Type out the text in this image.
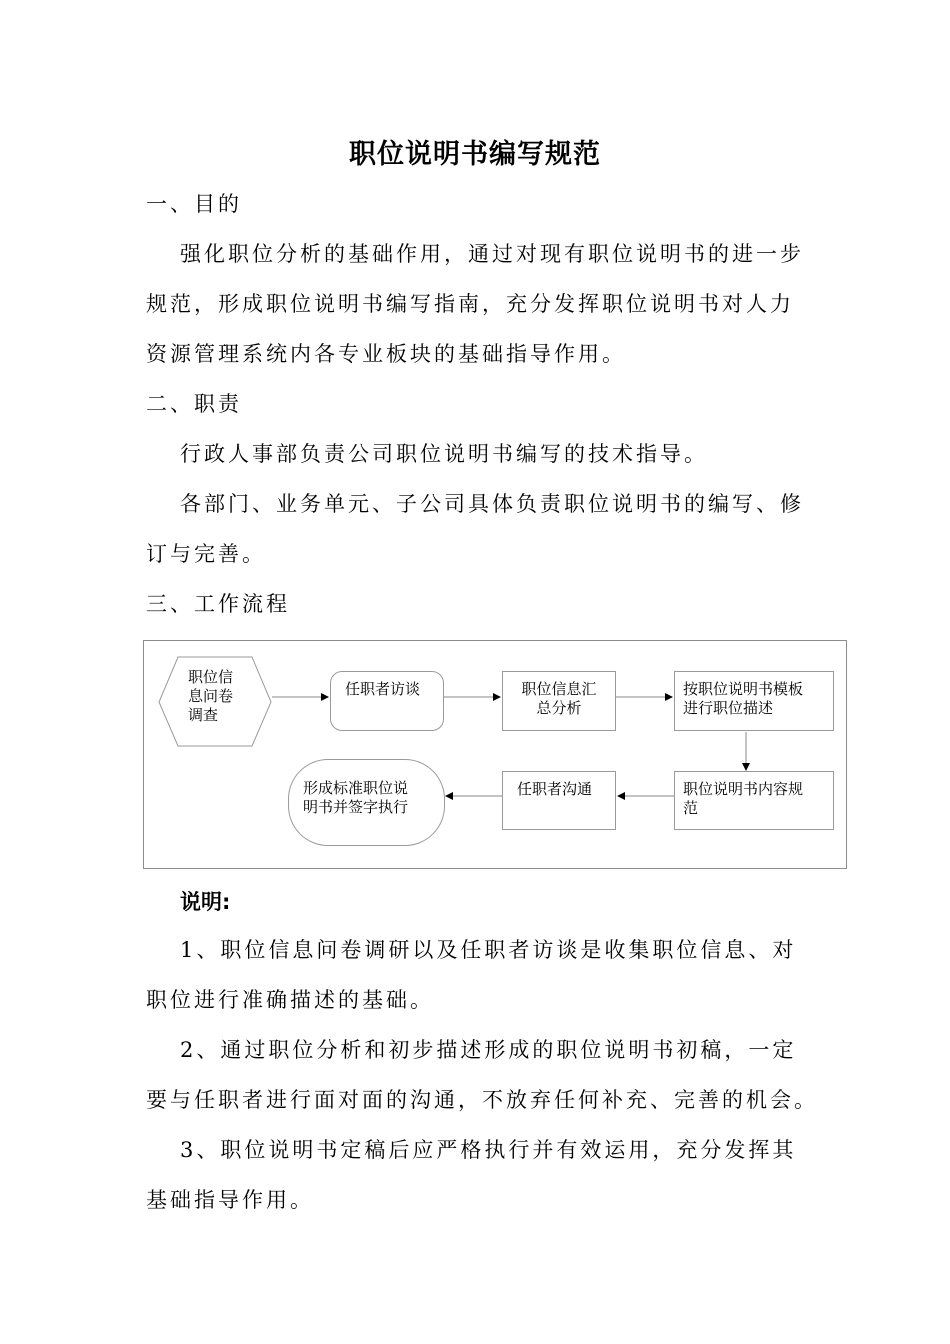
职位说明书编写规范
一、目的
强化职位分析的基础作用，通过对现有职位说明书的进一步
规范，形成职位说明书编写指南，充分发挥职位说明书对人力
资源管理系统内各专业板块的基础指导作用。
二、职责
行政人事部负责公司职位说明书编写的技术指导。
各部门、业务单元、子公司具体负责职位说明书的编写、修
订与完善。
三、工作流程
职位信
息问卷
调查
任职者访谈	职位信息汇
总分析
按职位说明书模板
进行职位描述
职位说明书内容规
范
任职者沟通
形成标准职位说
明书并签字执行
说明:
1、职位信息问卷调研以及任职者访谈是收集职位信息、对
职位进行准确描述的基础。
2、通过职位分析和初步描述形成的职位说明书初稿，一定
要与任职者进行面对面的沟通，不放弃任何补充、完善的机会。
3、职位说明书定稿后应严格执行并有效运用，充分发挥其
基础指导作用。
